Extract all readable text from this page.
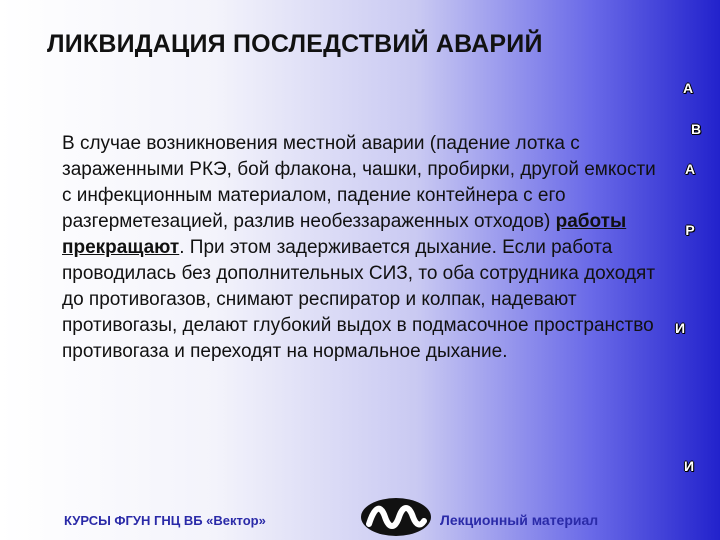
ЛИКВИДАЦИЯ ПОСЛЕДСТВИЙ АВАРИЙ
В случае возникновения местной аварии (падение лотка с зараженными РКЭ, бой флакона, чашки, пробирки, другой емкости с инфекционным материалом, падение контейнера с его разгерметезацией, разлив необеззараженных отходов) работы прекращают. При этом задерживается дыхание. Если работа проводилась без дополнительных СИЗ, то оба сотрудника доходят до противогазов, снимают респиратор и колпак, надевают противогазы, делают глубокий выдох в подмасочное пространство противогаза и переходят на нормальное дыхание.
А
В
А
Р
И
И
КУРСЫ ФГУН ГНЦ ВБ «Вектор»	Лекционный материал
